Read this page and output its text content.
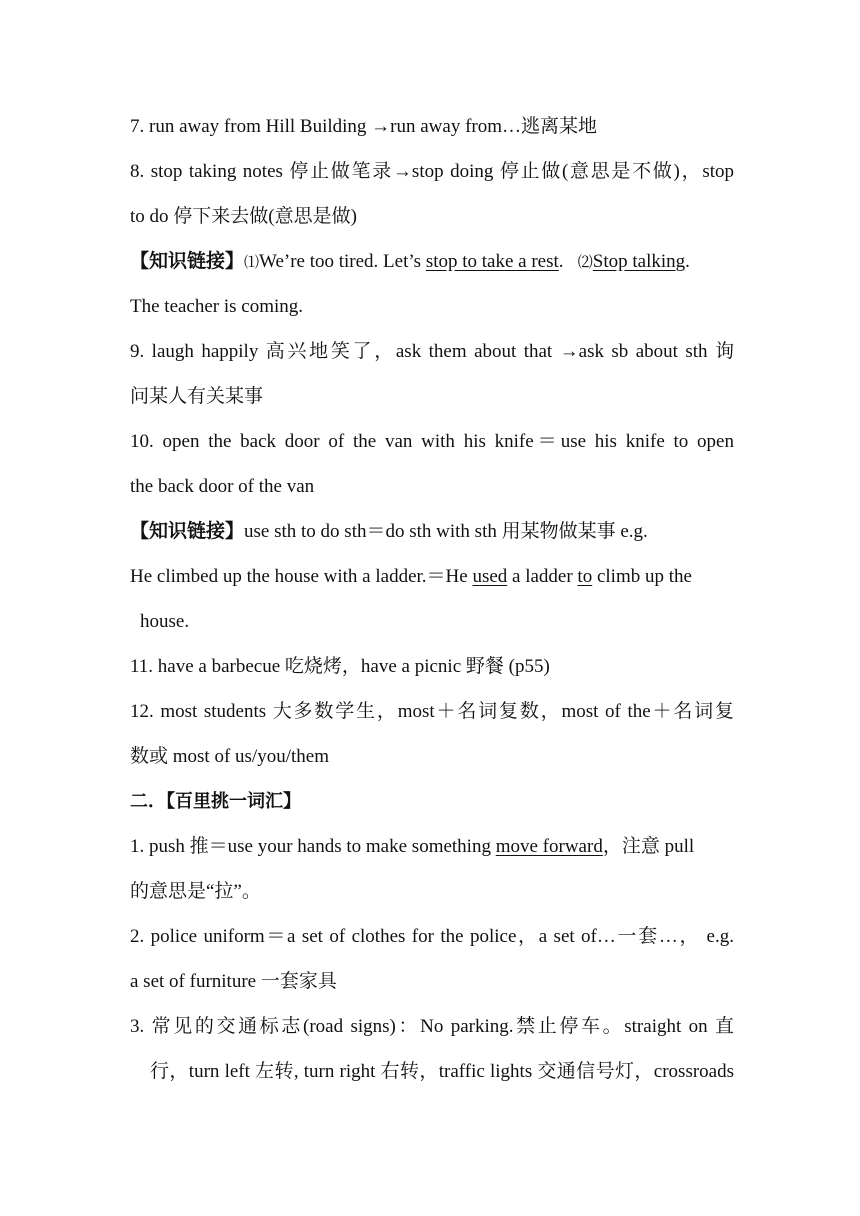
7. run away from Hill Building →run away from…逃离某地
8. stop taking notes 停止做笔录→stop doing 停止做(意思是不做)，stop
to do 停下来去做(意思是做)
【知识链接】⑴We’re too tired. Let’s stop to take a rest.   ⑵Stop talking.
The teacher is coming.
9. laugh happily 高兴地笑了，ask them about that →ask sb about sth 询
问某人有关某事
10. open the back door of the van with his knife＝use his knife to open
the back door of the van
【知识链接】use sth to do sth＝do sth with sth 用某物做某事 e.g.
He climbed up the house with a ladder.＝He used a ladder to climb up the
house.
11. have a barbecue 吃烧烤，have a picnic 野餐 (p55)
12. most students 大多数学生，most＋名词复数，most of the＋名词复
数或 most of us/you/them
二．【百里挑一词汇】
1. push 推＝use your hands to make something move forward，注意 pull
的意思是“拉”。
2. police uniform＝a set of clothes for the police，a set of…一套…， e.g.
a set of furniture 一套家具
3. 常见的交通标志(road signs)：No parking.禁止停车。straight on 直
行，turn left 左转, turn right 右转，traffic lights 交通信号灯，crossroads
